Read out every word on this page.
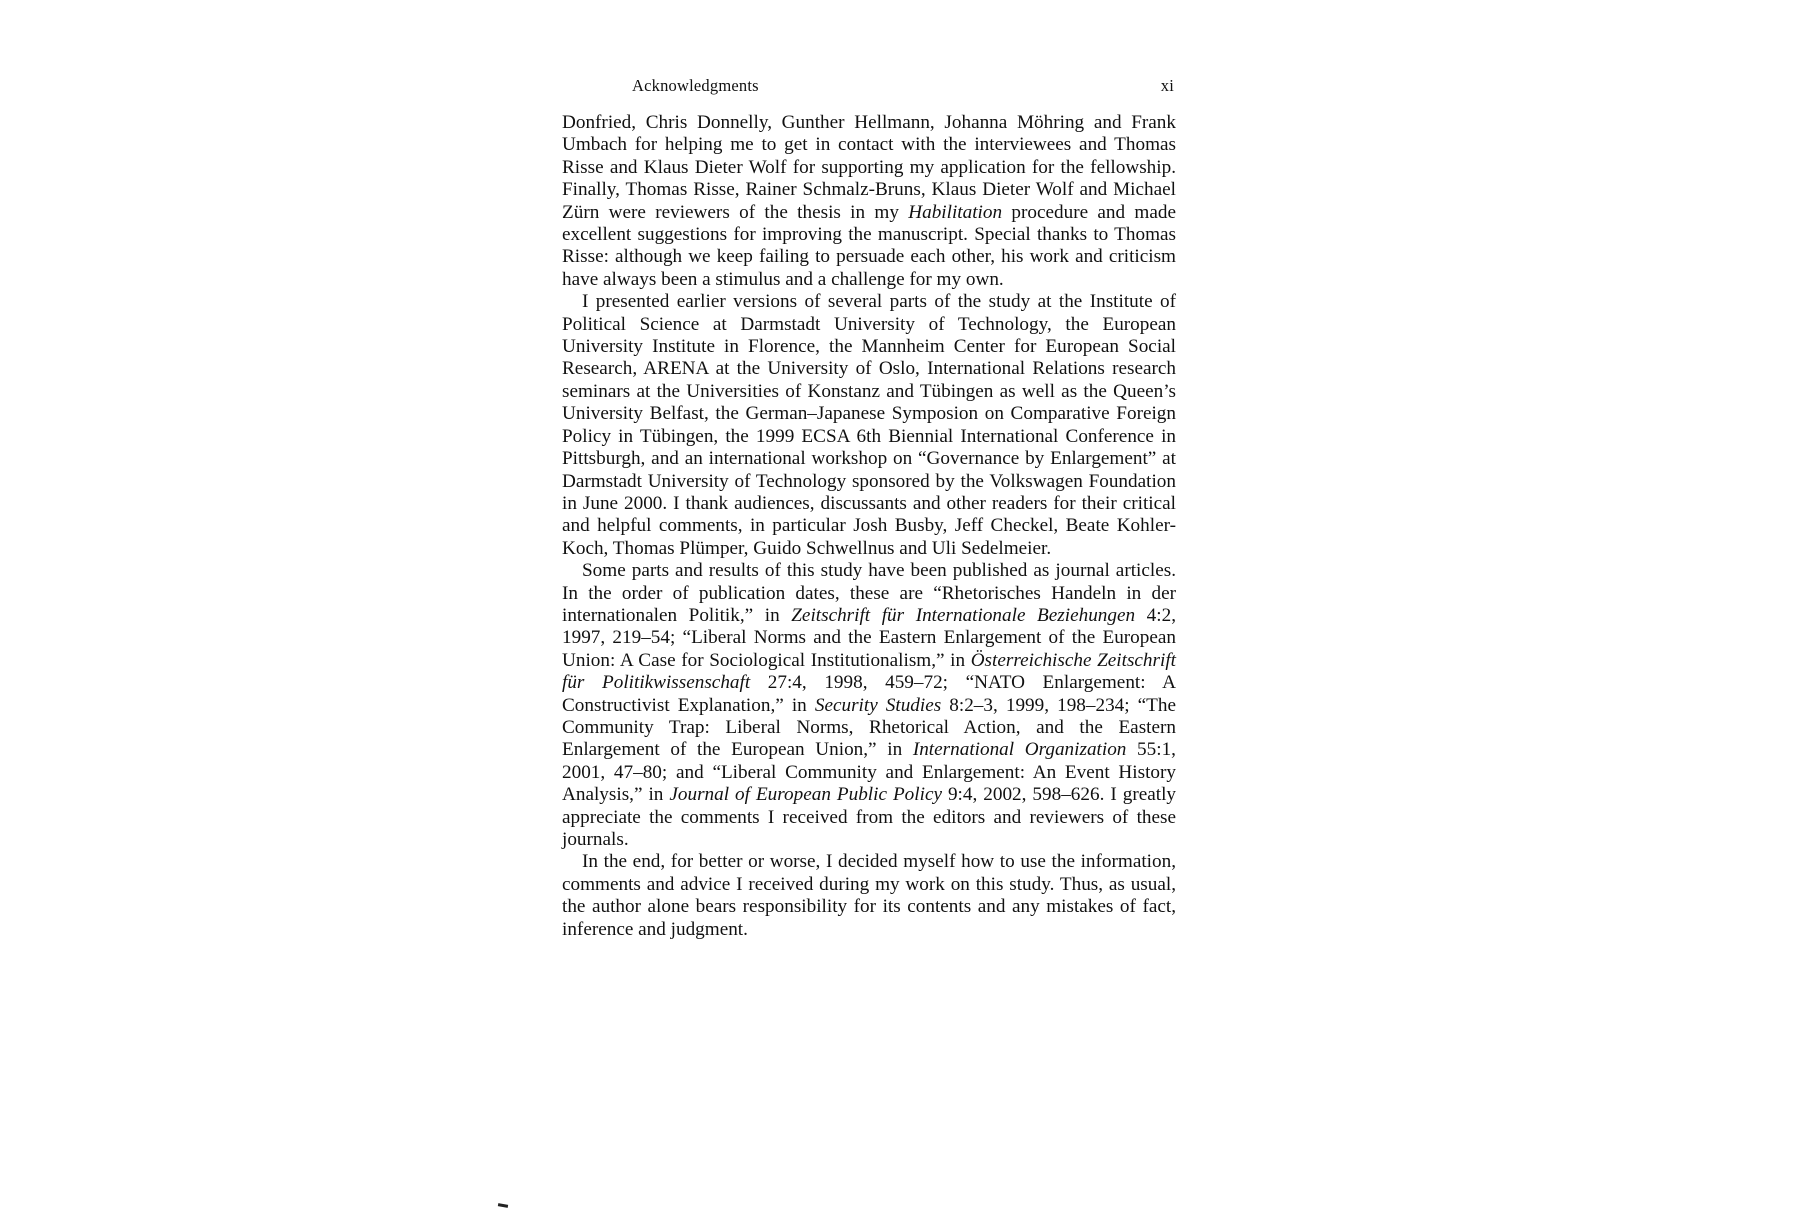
Acknowledgments	xi

Donfried, Chris Donnelly, Gunther Hellmann, Johanna Möhring and Frank Umbach for helping me to get in contact with the interviewees and Thomas Risse and Klaus Dieter Wolf for supporting my application for the fellowship. Finally, Thomas Risse, Rainer Schmalz-Bruns, Klaus Dieter Wolf and Michael Zürn were reviewers of the thesis in my Habilitation procedure and made excellent suggestions for improving the manuscript. Special thanks to Thomas Risse: although we keep failing to persuade each other, his work and criticism have always been a stimulus and a challenge for my own.

I presented earlier versions of several parts of the study at the Institute of Political Science at Darmstadt University of Technology, the European University Institute in Florence, the Mannheim Center for European Social Research, ARENA at the University of Oslo, International Relations research seminars at the Universities of Konstanz and Tübingen as well as the Queen’s University Belfast, the German–Japanese Symposion on Comparative Foreign Policy in Tübingen, the 1999 ECSA 6th Biennial International Conference in Pittsburgh, and an international workshop on “Governance by Enlargement” at Darmstadt University of Technology sponsored by the Volkswagen Foundation in June 2000. I thank audiences, discussants and other readers for their critical and helpful comments, in particular Josh Busby, Jeff Checkel, Beate Kohler-Koch, Thomas Plümper, Guido Schwellnus and Uli Sedelmeier.

Some parts and results of this study have been published as journal articles. In the order of publication dates, these are “Rhetorisches Handeln in der internationalen Politik,” in Zeitschrift für Internationale Beziehungen 4:2, 1997, 219–54; “Liberal Norms and the Eastern Enlargement of the European Union: A Case for Sociological Institutionalism,” in Österreichische Zeitschrift für Politikwissenschaft 27:4, 1998, 459–72; “NATO Enlargement: A Constructivist Explanation,” in Security Studies 8:2–3, 1999, 198–234; “The Community Trap: Liberal Norms, Rhetorical Action, and the Eastern Enlargement of the European Union,” in International Organization 55:1, 2001, 47–80; and “Liberal Community and Enlargement: An Event History Analysis,” in Journal of European Public Policy 9:4, 2002, 598–626. I greatly appreciate the comments I received from the editors and reviewers of these journals.

In the end, for better or worse, I decided myself how to use the information, comments and advice I received during my work on this study. Thus, as usual, the author alone bears responsibility for its contents and any mistakes of fact, inference and judgment.
